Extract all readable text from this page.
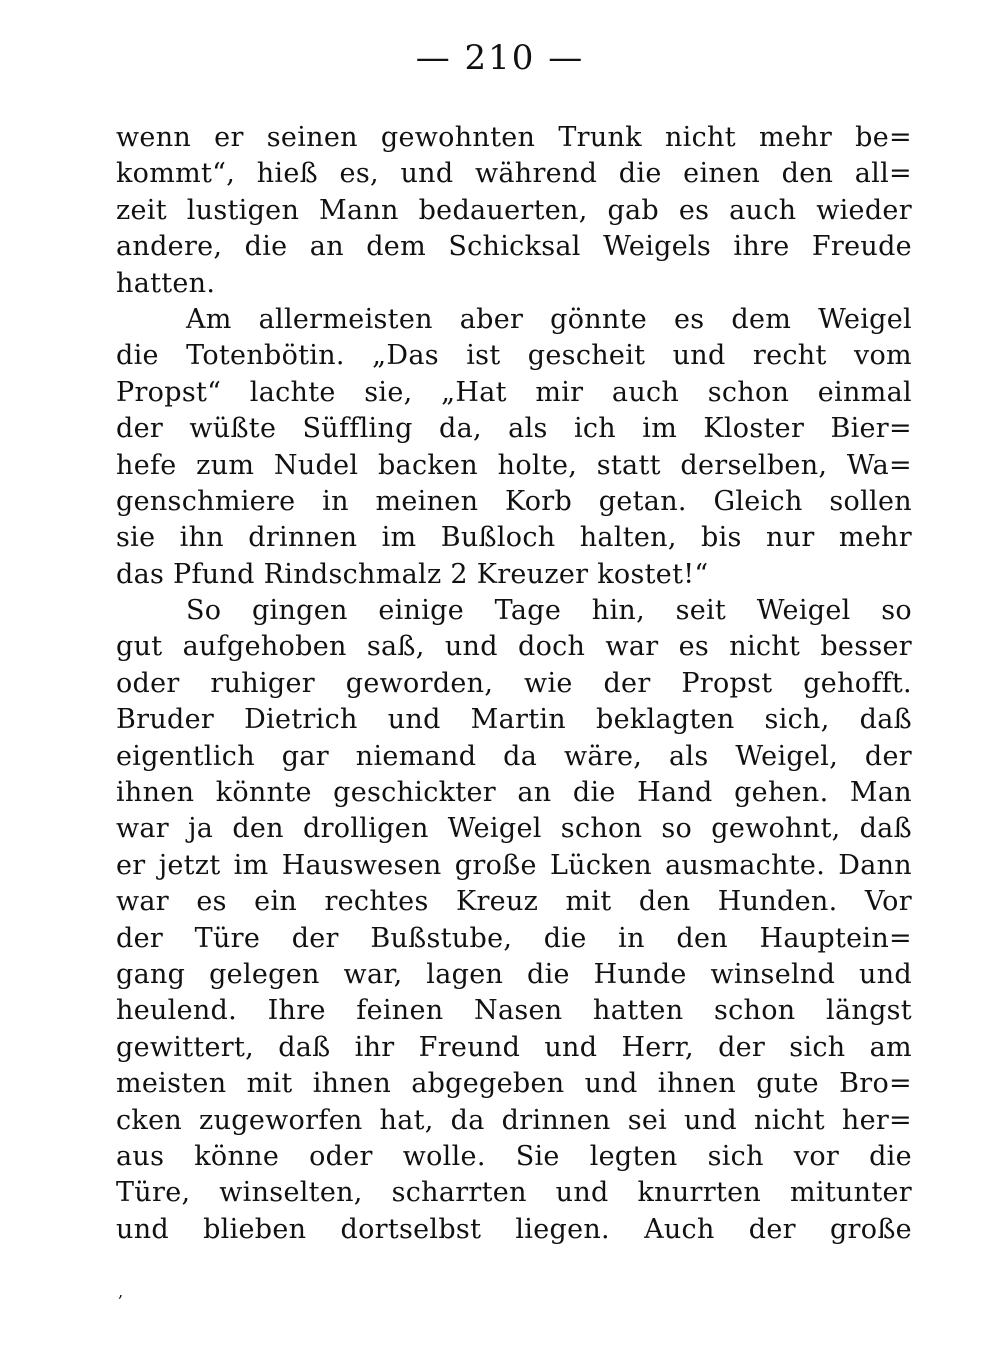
— 210 —
wenn er seinen gewohnten Trunk nicht mehr be=
kommt“, hieß es, und während die einen den all=
zeit lustigen Mann bedauerten, gab es auch wieder
andere, die an dem Schicksal Weigels ihre Freude
hatten.
Am allermeisten aber gönnte es dem Weigel
die Totenbötin. „Das ist gescheit und recht vom
Propst“ lachte sie, „Hat mir auch schon einmal
der wüßte Süffling da, als ich im Kloster Bier=
hefe zum Nudel backen holte, statt derselben, Wa=
genschmiere in meinen Korb getan. Gleich sollen
sie ihn drinnen im Bußloch halten, bis nur mehr
das Pfund Rindschmalz 2 Kreuzer kostet!“
So gingen einige Tage hin, seit Weigel so
gut aufgehoben saß, und doch war es nicht besser
oder ruhiger geworden, wie der Propst gehofft.
Bruder Dietrich und Martin beklagten sich, daß
eigentlich gar niemand da wäre, als Weigel, der
ihnen könnte geschickter an die Hand gehen. Man
war ja den drolligen Weigel schon so gewohnt, daß
er jetzt im Hauswesen große Lücken ausmachte. Dann
war es ein rechtes Kreuz mit den Hunden. Vor
der Türe der Bußstube, die in den Hauptein=
gang gelegen war, lagen die Hunde winselnd und
heulend. Ihre feinen Nasen hatten schon längst
gewittert, daß ihr Freund und Herr, der sich am
meisten mit ihnen abgegeben und ihnen gute Bro=
cken zugeworfen hat, da drinnen sei und nicht her=
aus könne oder wolle. Sie legten sich vor die
Türe, winselten, scharrten und knurrten mitunter
und blieben dortselbst liegen. Auch der große
‚
